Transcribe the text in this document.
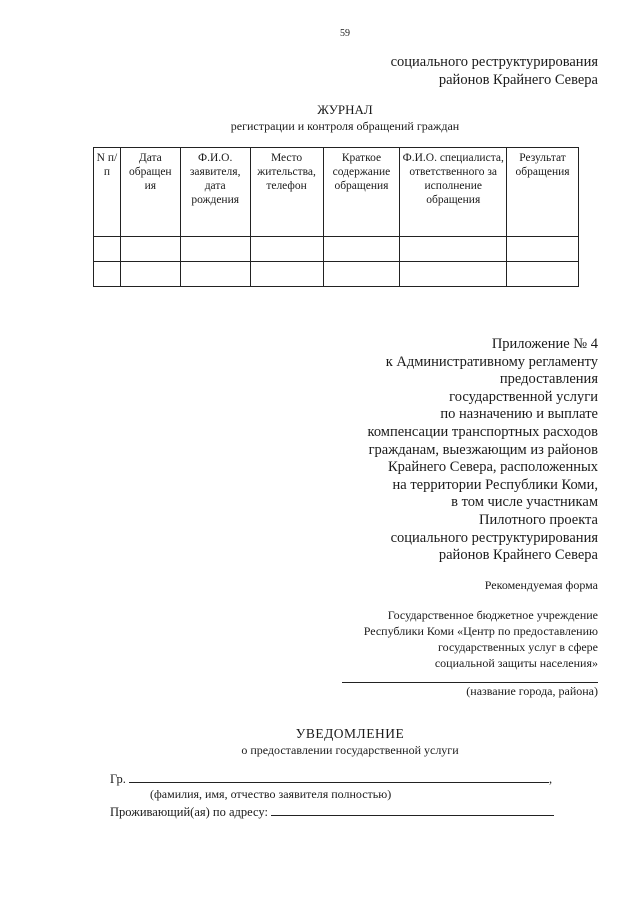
59
социального реструктурирования
районов Крайнего Севера
ЖУРНАЛ
регистрации и контроля обращений граждан
N п/п	Дата обращен ия	Ф.И.О. заявителя, дата рождения	Место жительства, телефон	Краткое содержание обращения	Ф.И.О. специалиста, ответственного за исполнение обращения	Результат обращения

Приложение № 4
к Административному регламенту
предоставления
государственной услуги
по назначению и выплате
компенсации транспортных расходов
гражданам, выезжающим из районов
Крайнего Севера, расположенных
на территории Республики Коми,
в том числе участникам
Пилотного проекта
социального реструктурирования
районов Крайнего Севера
Рекомендуемая форма
Государственное бюджетное учреждение
Республики Коми «Центр по предоставлению
государственных услуг в сфере
социальной защиты населения»
(название города, района)
УВЕДОМЛЕНИЕ
о предоставлении государственной услуги
Гр.	,
(фамилия, имя, отчество заявителя полностью)
Проживающий(ая) по адресу:
